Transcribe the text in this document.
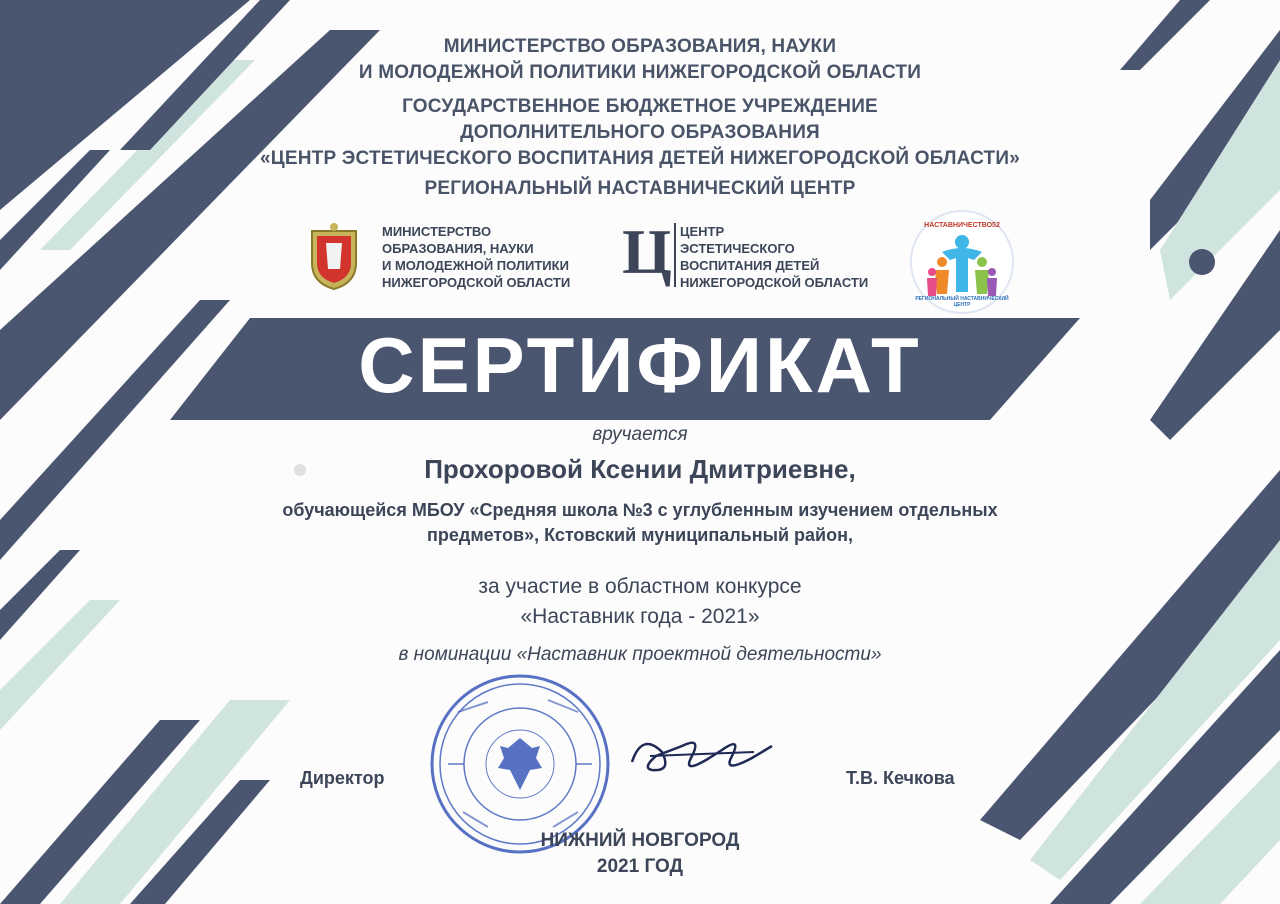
МИНИСТЕРСТВО ОБРАЗОВАНИЯ, НАУКИ
И МОЛОДЕЖНОЙ ПОЛИТИКИ НИЖЕГОРОДСКОЙ ОБЛАСТИ
ГОСУДАРСТВЕННОЕ БЮДЖЕТНОЕ УЧРЕЖДЕНИЕ
ДОПОЛНИТЕЛЬНОГО ОБРАЗОВАНИЯ
«ЦЕНТР ЭСТЕТИЧЕСКОГО ВОСПИТАНИЯ ДЕТЕЙ НИЖЕГОРОДСКОЙ ОБЛАСТИ»
РЕГИОНАЛЬНЫЙ НАСТАВНИЧЕСКИЙ ЦЕНТР
МИНИСТЕРСТВО
ОБРАЗОВАНИЯ, НАУКИ
И МОЛОДЕЖНОЙ ПОЛИТИКИ
НИЖЕГОРОДСКОЙ ОБЛАСТИ Ц ЦЕНТР
ЭСТЕТИЧЕСКОГО
ВОСПИТАНИЯ ДЕТЕЙ
НИЖЕГОРОДСКОЙ ОБЛАСТИ
НАСТАВНИЧЕСТВО52
РЕГИОНАЛЬНЫЙ НАСТАВНИЧЕСКИЙ ЦЕНТР
СЕРТИФИКАТ
вручается
Прохоровой Ксении Дмитриевне,
обучающейся МБОУ «Средняя школа №3 с углубленным изучением отдельных
предметов», Кстовский муниципальный район,
за участие в областном конкурсе
«Наставник года - 2021»
в номинации «Наставник проектной деятельности»
Директор	Т.В. Кечкова
НИЖНИЙ НОВГОРОД
2021 ГОД
